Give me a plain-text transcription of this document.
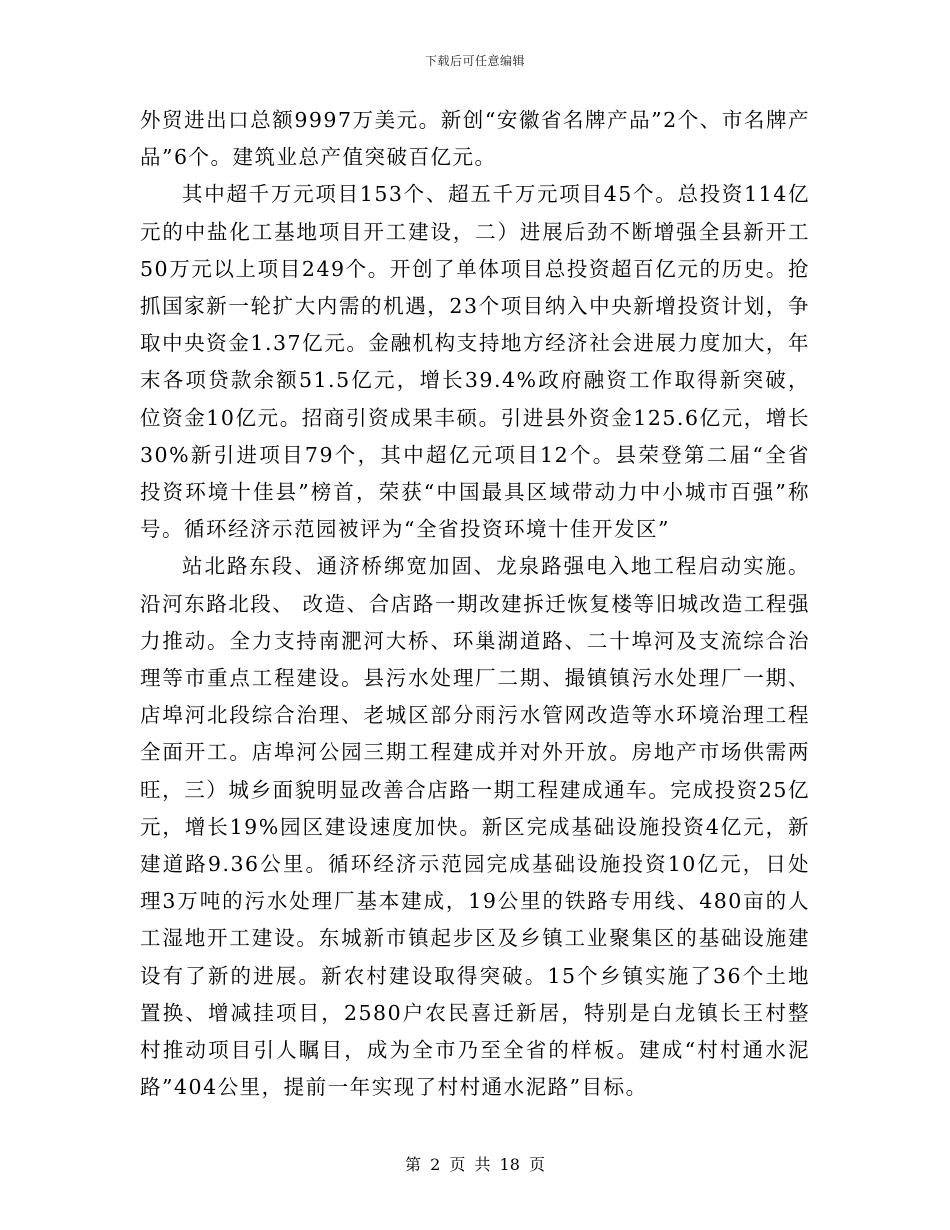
下载后可任意编辑

外贸进出口总额9997万美元。新创“安徽省名牌产品”2个、市名牌产品”6个。建筑业总产值突破百亿元。

其中超千万元项目153个、超五千万元项目45个。总投资114亿元的中盐化工基地项目开工建设，二）进展后劲不断增强全县新开工50万元以上项目249个。开创了单体项目总投资超百亿元的历史。抢抓国家新一轮扩大内需的机遇，23个项目纳入中央新增投资计划，争取中央资金1.37亿元。金融机构支持地方经济社会进展力度加大，年末各项贷款余额51.5亿元，增长39.4%政府融资工作取得新突破，位资金10亿元。招商引资成果丰硕。引进县外资金125.6亿元，增长30%新引进项目79个，其中超亿元项目12个。县荣登第二届“全省投资环境十佳县”榜首，荣获“中国最具区域带动力中小城市百强”称号。循环经济示范园被评为“全省投资环境十佳开发区”

站北路东段、通济桥绑宽加固、龙泉路强电入地工程启动实施。沿河东路北段、 改造、合店路一期改建拆迁恢复楼等旧城改造工程强力推动。全力支持南淝河大桥、环巢湖道路、二十埠河及支流综合治理等市重点工程建设。县污水处理厂二期、撮镇镇污水处理厂一期、店埠河北段综合治理、老城区部分雨污水管网改造等水环境治理工程全面开工。店埠河公园三期工程建成并对外开放。房地产市场供需两旺，三）城乡面貌明显改善合店路一期工程建成通车。完成投资25亿元，增长19%园区建设速度加快。新区完成基础设施投资4亿元，新建道路9.36公里。循环经济示范园完成基础设施投资10亿元，日处理3万吨的污水处理厂基本建成，19公里的铁路专用线、480亩的人工湿地开工建设。东城新市镇起步区及乡镇工业聚集区的基础设施建设有了新的进展。新农村建设取得突破。15个乡镇实施了36个土地置换、增减挂项目，2580户农民喜迁新居，特别是白龙镇长王村整村推动项目引人瞩目，成为全市乃至全省的样板。建成“村村通水泥路”404公里，提前一年实现了村村通水泥路”目标。

第 2 页 共 18 页
